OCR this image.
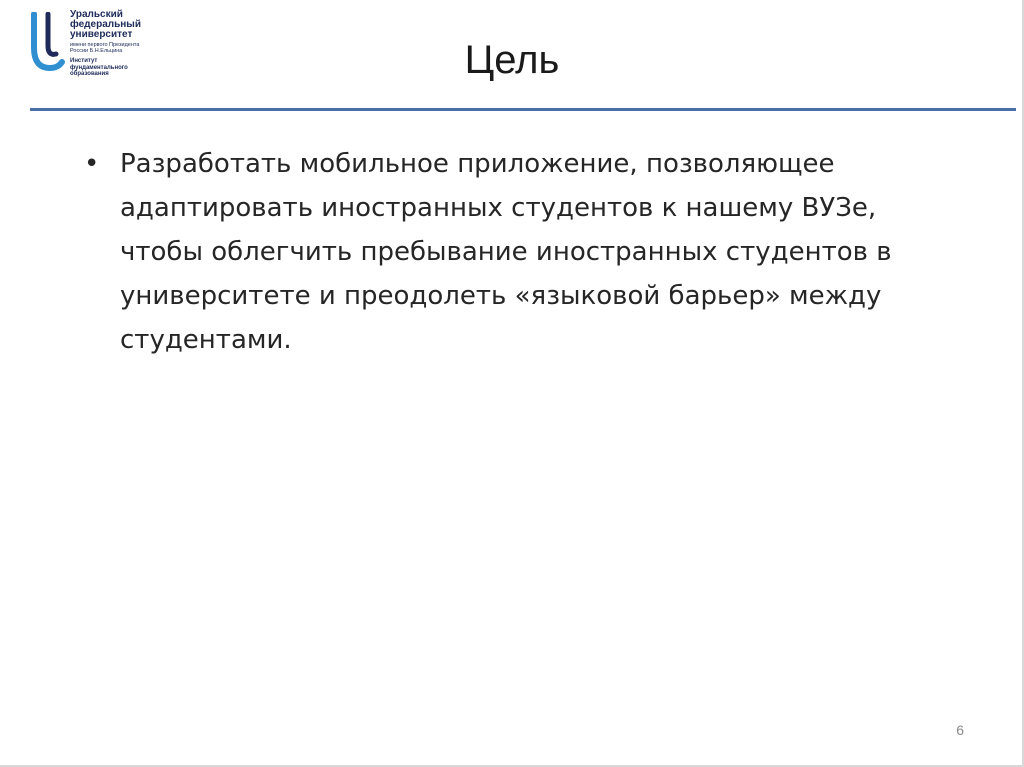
Уральский
федеральный
университет
имени первого Президента
России Б.Н.Ельцина
Институт
фундаментального
образования	Цель
• Разработать мобильное приложение, позволяющее адаптировать иностранных студентов к нашему ВУЗе, чтобы облегчить пребывание иностранных студентов в университете и преодолеть «языковой барьер» между студентами.
6
